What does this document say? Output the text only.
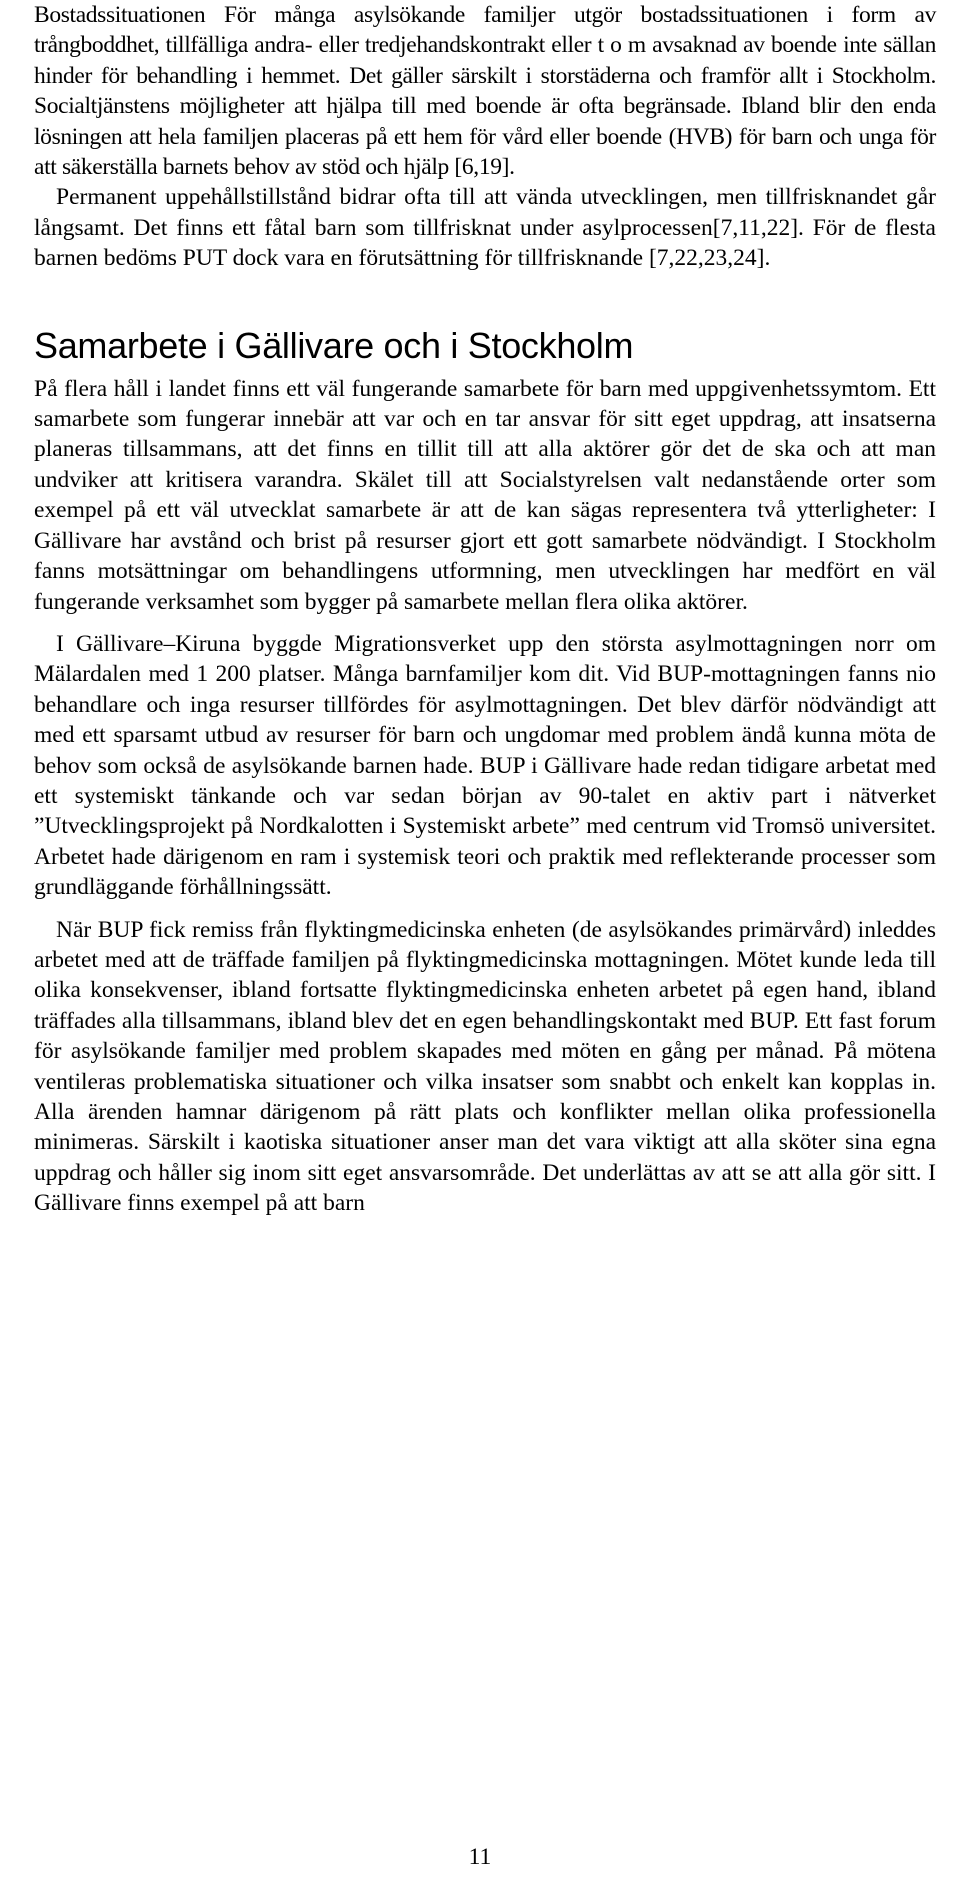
Bostadssituationen För många asylsökande familjer utgör bostadssituationen i form av trångboddhet, tillfälliga andra- eller tredjehandskontrakt eller t o m avsaknad av boende inte sällan hinder för behandling i hemmet. Det gäller särskilt i storstäderna och framför allt i Stockholm. Socialtjänstens möjligheter att hjälpa till med boende är ofta begränsade. Ibland blir den enda lösningen att hela familjen placeras på ett hem för vård eller boende (HVB) för barn och unga för att säkerställa barnets behov av stöd och hjälp [6,19].

Permanent uppehållstillstånd bidrar ofta till att vända utvecklingen, men tillfrisknandet går långsamt. Det finns ett fåtal barn som tillfrisknat under asylprocessen[7,11,22]. För de flesta barnen bedöms PUT dock vara en förutsättning för tillfrisknande [7,22,23,24].

Samarbete i Gällivare och i Stockholm

På flera håll i landet finns ett väl fungerande samarbete för barn med uppgivenhetssymtom. Ett samarbete som fungerar innebär att var och en tar ansvar för sitt eget uppdrag, att insatserna planeras tillsammans, att det finns en tillit till att alla aktörer gör det de ska och att man undviker att kritisera varandra. Skälet till att Socialstyrelsen valt nedanstående orter som exempel på ett väl utvecklat samarbete är att de kan sägas representera två ytterligheter: I Gällivare har avstånd och brist på resurser gjort ett gott samarbete nödvändigt. I Stockholm fanns motsättningar om behandlingens utformning, men utvecklingen har medfört en väl fungerande verksamhet som bygger på samarbete mellan flera olika aktörer.

I Gällivare–Kiruna byggde Migrationsverket upp den största asylmottagningen norr om Mälardalen med 1 200 platser. Många barnfamiljer kom dit. Vid BUP-mottagningen fanns nio behandlare och inga resurser tillfördes för asylmottagningen. Det blev därför nödvändigt att med ett sparsamt utbud av resurser för barn och ungdomar med problem ändå kunna möta de behov som också de asylsökande barnen hade. BUP i Gällivare hade redan tidigare arbetat med ett systemiskt tänkande och var sedan början av 90-talet en aktiv part i nätverket ”Utvecklingsprojekt på Nordkalotten i Systemiskt arbete” med centrum vid Tromsö universitet. Arbetet hade därigenom en ram i systemisk teori och praktik med reflekterande processer som grundläggande förhållningssätt.

När BUP fick remiss från flyktingmedicinska enheten (de asylsökandes primärvård) inleddes arbetet med att de träffade familjen på flyktingmedicinska mottagningen. Mötet kunde leda till olika konsekvenser, ibland fortsatte flyktingmedicinska enheten arbetet på egen hand, ibland träffades alla tillsammans, ibland blev det en egen behandlingskontakt med BUP. Ett fast forum för asylsökande familjer med problem skapades med möten en gång per månad. På mötena ventileras problematiska situationer och vilka insatser som snabbt och enkelt kan kopplas in. Alla ärenden hamnar därigenom på rätt plats och konflikter mellan olika professionella minimeras. Särskilt i kaotiska situationer anser man det vara viktigt att alla sköter sina egna uppdrag och håller sig inom sitt eget ansvarsområde. Det underlättas av att se att alla gör sitt. I Gällivare finns exempel på att barn

11
